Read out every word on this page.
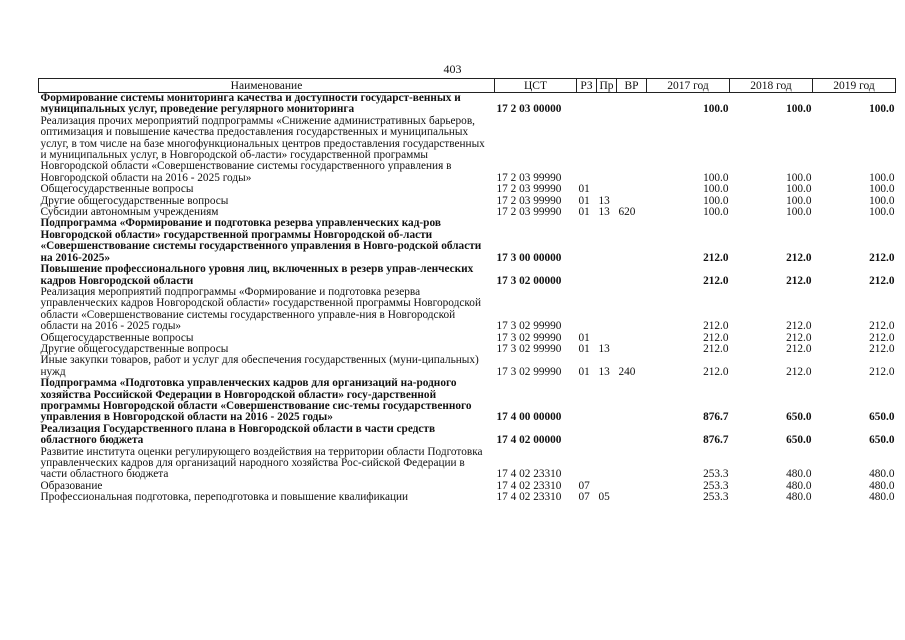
403
Наименование	ЦСТ	РЗ	Пр	ВР	2017 год	2018 год	2019 год
Формирование системы мониторинга качества и доступности государст-венных и муниципальных услуг, проведение регулярного мониторинга	17 2 03 00000				100.0	100.0	100.0
Реализация прочих мероприятий подпрограммы «Снижение административных барьеров, оптимизация и повышение качества предоставления государственных и муниципальных услуг, в том числе на базе многофункциональных центров предоставления государственных и муниципальных услуг, в Новгородской об-ласти» государственной программы Новгородской области «Совершенствование системы государственного управления в Новгородской области на 2016 - 2025 годы»	17 2 03 99990				100.0	100.0	100.0
Общегосударственные вопросы	17 2 03 99990	01			100.0	100.0	100.0
Другие общегосударственные вопросы	17 2 03 99990	01	13		100.0	100.0	100.0
Субсидии автономным учреждениям	17 2 03 99990	01	13	620	100.0	100.0	100.0
Подпрограмма «Формирование и подготовка резерва управленческих кад-ров Новгородской области» государственной программы Новгородской об-ласти «Совершенствование системы государственного управления в Новго-родской области на 2016-2025»	17 3 00 00000				212.0	212.0	212.0
Повышение профессионального уровня лиц, включенных в резерв управ-ленческих кадров Новгородской области	17 3 02 00000				212.0	212.0	212.0
Реализация мероприятий подпрограммы «Формирование и подготовка резерва управленческих кадров Новгородской области» государственной программы Новгородской области «Совершенствование системы государственного управле-ния в Новгородской области на 2016 - 2025 годы»	17 3 02 99990				212.0	212.0	212.0
Общегосударственные вопросы	17 3 02 99990	01			212.0	212.0	212.0
Другие общегосударственные вопросы	17 3 02 99990	01	13		212.0	212.0	212.0
Иные закупки товаров, работ и услуг для обеспечения государственных (муни-ципальных) нужд	17 3 02 99990	01	13	240	212.0	212.0	212.0
Подпрограмма «Подготовка управленческих кадров для организаций на-родного хозяйства Российской Федерации в Новгородской области» госу-дарственной программы Новгородской области «Совершенствование сис-темы государственного управления в Новгородской области на 2016 - 2025 годы»	17 4 00 00000				876.7	650.0	650.0
Реализация Государственного плана в Новгородской области в части средств областного бюджета	17 4 02 00000				876.7	650.0	650.0
Развитие института оценки регулирующего воздействия на территории области Подготовка управленческих кадров для организаций народного хозяйства Рос-сийской Федерации в части областного бюджета	17 4 02 23310				253.3	480.0	480.0
Образование	17 4 02 23310	07			253.3	480.0	480.0
Профессиональная подготовка, переподготовка и повышение квалификации	17 4 02 23310	07	05		253.3	480.0	480.0
